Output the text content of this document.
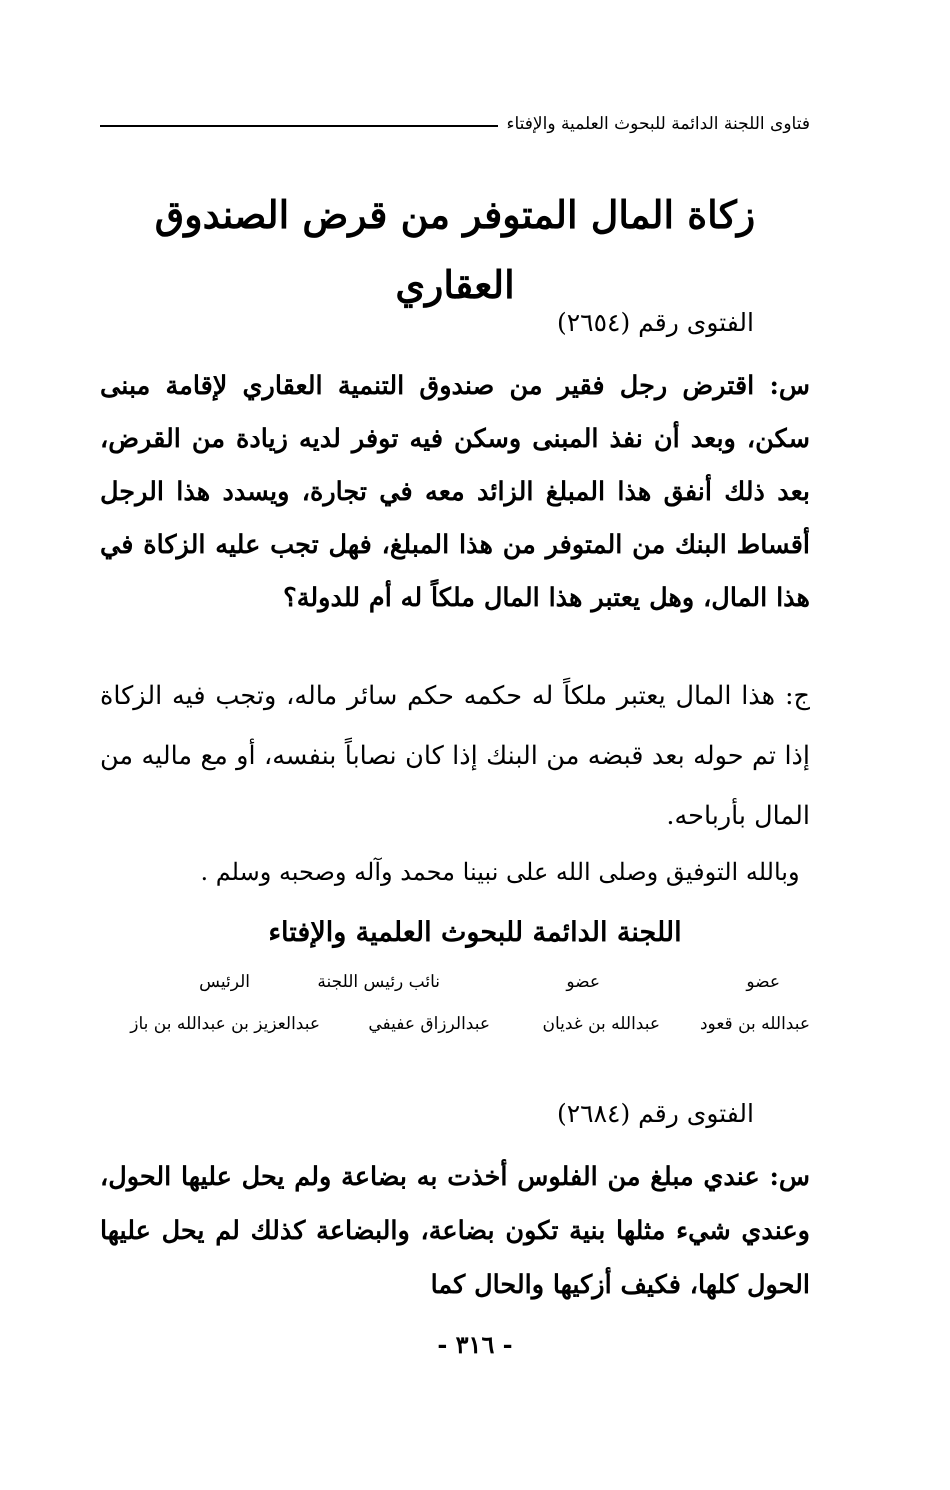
فتاوى اللجنة الدائمة للبحوث العلمية والإفتاء
زكاة المال المتوفر من قرض الصندوق العقاري
الفتوى رقم (٢٦٥٤)
س: اقترض رجل فقير من صندوق التنمية العقاري لإقامة مبنى سكن، وبعد أن نفذ المبنى وسكن فيه توفر لديه زيادة من القرض، بعد ذلك أنفق هذا المبلغ الزائد معه في تجارة، ويسدد هذا الرجل أقساط البنك من المتوفر من هذا المبلغ، فهل تجب عليه الزكاة في هذا المال، وهل يعتبر هذا المال ملكاً له أم للدولة؟
ج: هذا المال يعتبر ملكاً له حكمه حكم سائر ماله، وتجب فيه الزكاة إذا تم حوله بعد قبضه من البنك إذا كان نصاباً بنفسه، أو مع ماليه من المال بأرباحه.
وبالله التوفيق وصلى الله على نبينا محمد وآله وصحبه وسلم .
اللجنة الدائمة للبحوث العلمية والإفتاء
عضو
عضو
نائب رئيس اللجنة
الرئيس
عبدالله بن قعود
عبدالله بن غديان
عبدالرزاق عفيفي
عبدالعزيز بن عبدالله بن باز
الفتوى رقم (٢٦٨٤)
س: عندي مبلغ من الفلوس أخذت به بضاعة ولم يحل عليها الحول، وعندي شيء مثلها بنية تكون بضاعة، والبضاعة كذلك لم يحل عليها الحول كلها، فكيف أزكيها والحال كما
- ٣١٦ -
